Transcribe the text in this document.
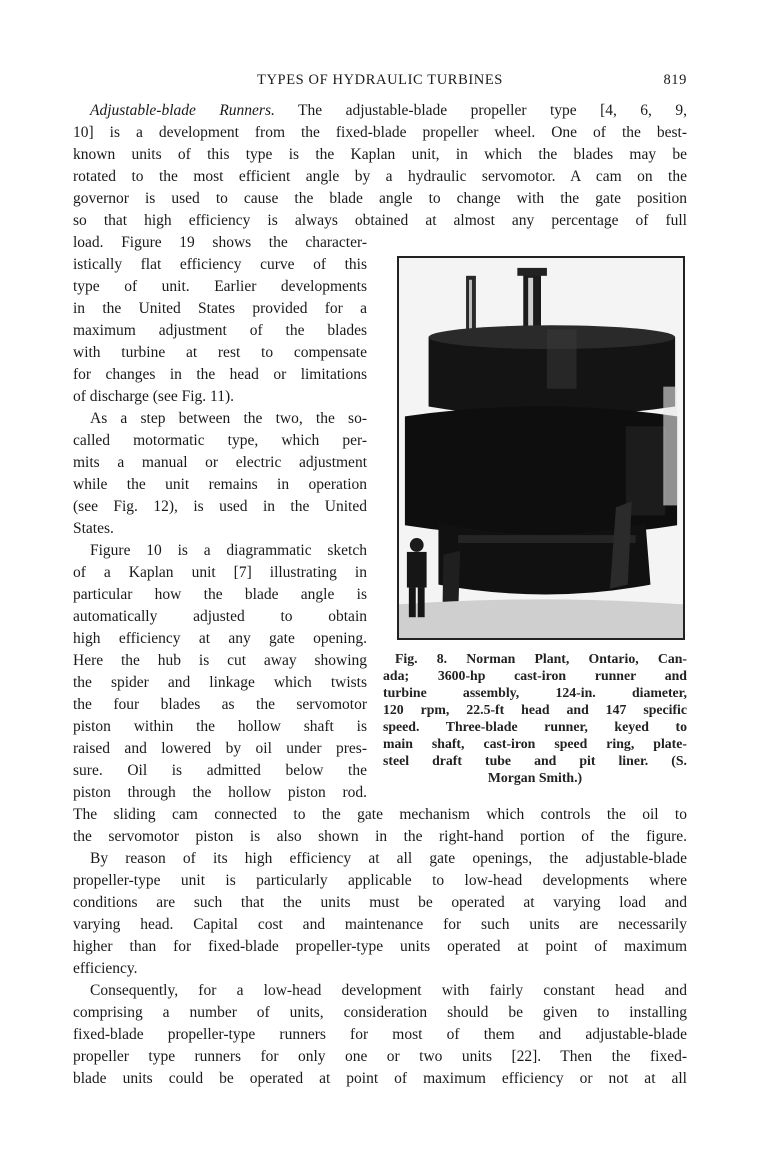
TYPES OF HYDRAULIC TURBINES	819
Adjustable-blade Runners. The adjustable-blade propeller type [4, 6, 9,
10] is a development from the fixed-blade propeller wheel. One of the best-
known units of this type is the Kaplan unit, in which the blades may be
rotated to the most efficient angle by a hydraulic servomotor. A cam on the
governor is used to cause the blade angle to change with the gate position
so that high efficiency is always obtained at almost any percentage of full
load. Figure 19 shows the character-
istically flat efficiency curve of this
type of unit. Earlier developments
in the United States provided for a
maximum adjustment of the blades
with turbine at rest to compensate
for changes in the head or limitations
of discharge (see Fig. 11).
As a step between the two, the so-
called motormatic type, which per-
mits a manual or electric adjustment
while the unit remains in operation
(see Fig. 12), is used in the United
States.
Figure 10 is a diagrammatic sketch
of a Kaplan unit [7] illustrating in
particular how the blade angle is
automatically adjusted to obtain
high efficiency at any gate opening.
Here the hub is cut away showing
the spider and linkage which twists
the four blades as the servomotor
piston within the hollow shaft is
raised and lowered by oil under pres-
sure. Oil is admitted below the
piston through the hollow piston rod.
The sliding cam connected to the gate mechanism which controls the oil to
the servomotor piston is also shown in the right-hand portion of the figure.
By reason of its high efficiency at all gate openings, the adjustable-blade
propeller-type unit is particularly applicable to low-head developments where
conditions are such that the units must be operated at varying load and
varying head. Capital cost and maintenance for such units are necessarily
higher than for fixed-blade propeller-type units operated at point of maximum
efficiency.
Consequently, for a low-head development with fairly constant head and
comprising a number of units, consideration should be given to installing
fixed-blade propeller-type runners for most of them and adjustable-blade
propeller type runners for only one or two units [22]. Then the fixed-
blade units could be operated at point of maximum efficiency or not at all
Fig. 8. Norman Plant, Ontario, Can-
ada; 3600-hp cast-iron runner and
turbine assembly, 124-in. diameter,
120 rpm, 22.5-ft head and 147 specific
speed. Three-blade runner, keyed to
main shaft, cast-iron speed ring, plate-
steel draft tube and pit liner. (S.
Morgan Smith.)
